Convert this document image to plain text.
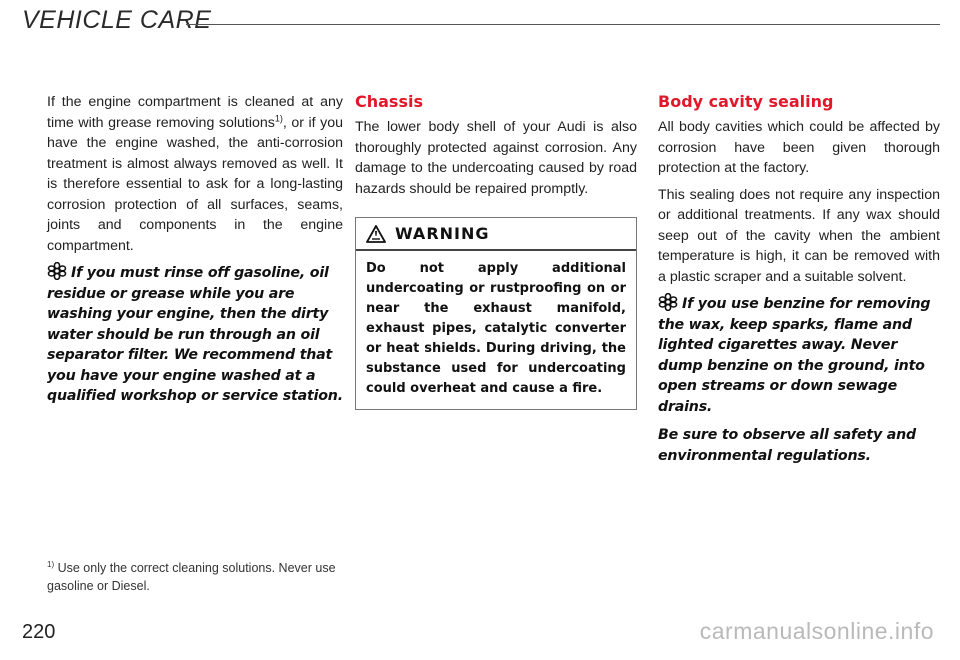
VEHICLE CARE

If the engine compartment is cleaned at any time with grease removing solutions$^{1)}$, or if you have the engine washed, the anti-corrosion treatment is almost always removed as well. It is therefore essential to ask for a long-lasting corrosion protection of all surfaces, seams, joints and components in the engine compartment.

If you must rinse off gasoline, oil residue or grease while you are washing your engine, then the dirty water should be run through an oil separator filter. We recommend that you have your engine washed at a qualified workshop or service station.

Chassis

The lower body shell of your Audi is also thoroughly protected against corrosion. Any damage to the undercoating caused by road hazards should be repaired promptly.

WARNING
Do not apply additional undercoating or rustproofing on or near the exhaust manifold, exhaust pipes, catalytic converter or heat shields. During driving, the substance used for undercoating could overheat and cause a fire.
Body cavity sealing

All body cavities which could be affected by corrosion have been given thorough protection at the factory.

This sealing does not require any inspection or additional treatments. If any wax should seep out of the cavity when the ambient temperature is high, it can be removed with a plastic scraper and a suitable solvent.

If you use benzine for removing the wax, keep sparks, flame and lighted cigarettes away. Never dump benzine on the ground, into open streams or down sewage drains.

Be sure to observe all safety and environmental regulations.

$^{1)}$ Use only the correct cleaning solutions. Never use gasoline or Diesel.
220	carmanualsonline.info
